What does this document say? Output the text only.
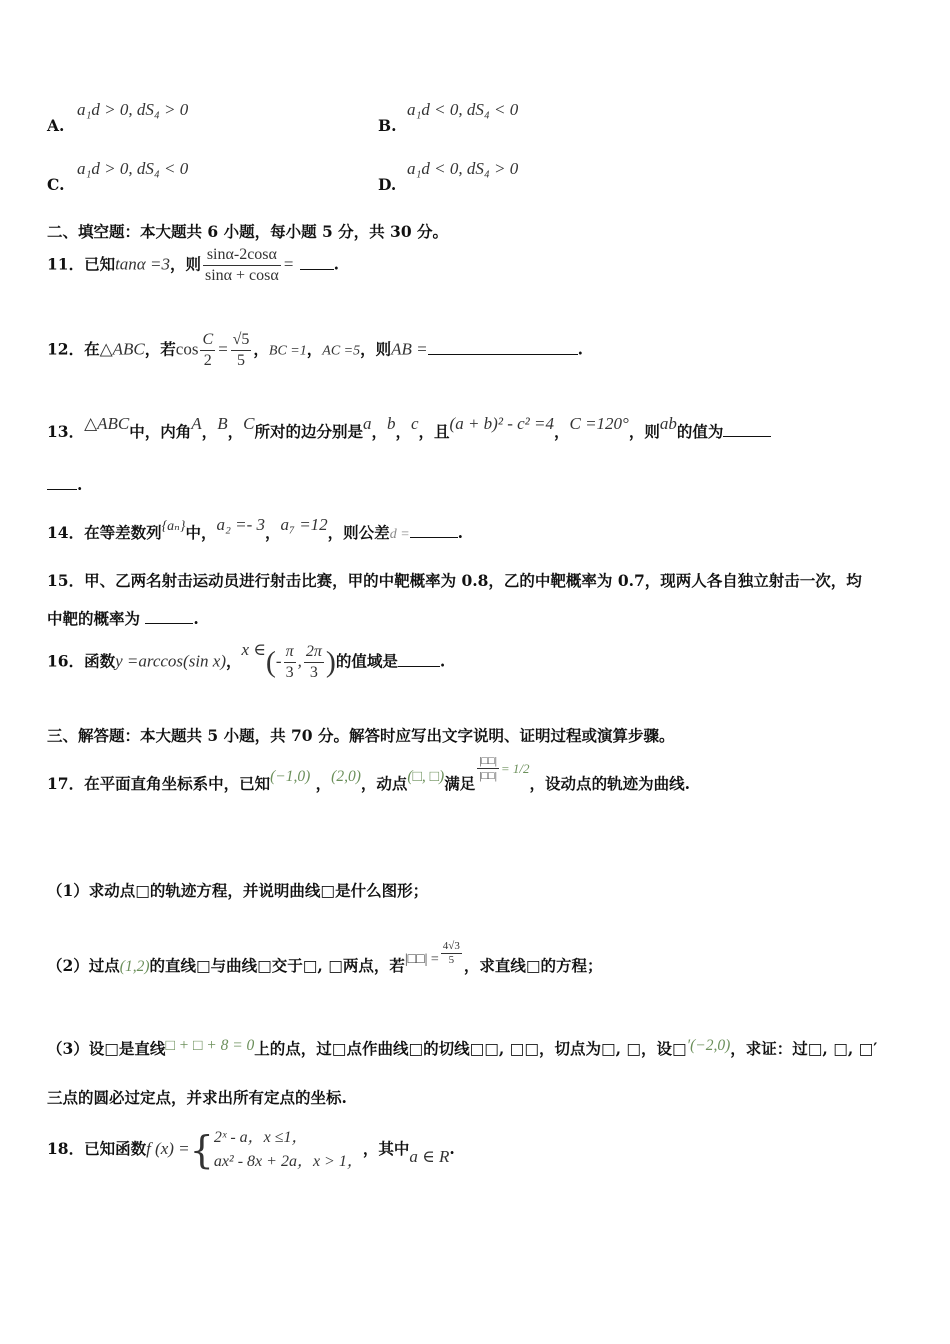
A.
a₁d > 0, dS₄ > 0
B.
a₁d < 0, dS₄ < 0
C.
a₁d > 0, dS₄ < 0
D.
a₁d < 0, dS₄ > 0
二、填空题：本大题共 6 小题，每小题 5 分，共 30 分。
11．已知tanα =3，则 $\frac{\sin\alpha-2\cos\alpha}{\sin\alpha + \cos\alpha}$ =	.
12．在△ABC，若$\cos \frac{C}{2} = \frac{√5}{5}$ ，BC =1，AC =5，则AB =	.
13．△ABC中，内角A，B，C所对的边分别是a，b，c，且(a + b)² - c² =4，C =120°，则ab的值为
.
14．在等差数列{aₙ}中，a₂ =- 3，a₇ =12，则公差d =	.
15．甲、乙两名射击运动员进行射击比赛，甲的中靶概率为 0.8，乙的中靶概率为 0.7，现两人各自独立射击一次，均
中靶的概率为	.
16．函数y =arccos(sin x)，x ∈(- $\frac{\pi}{3}$ , $\frac{2\pi}{3}$ )的值域是	.
三、解答题：本大题共 5 小题，共 70 分。解答时应写出文字说明、证明过程或演算步骤。
17．在平面直角坐标系中，已知(−1,0) ，(2,0)，动点(□, □)满足
$\frac{|□□|}{|□□|} ^{= 1/2}$，设动点的轨迹为曲线.
（1）求动点□的轨迹方程，并说明曲线□是什么图形；
（2）过点(1,2)的直线□与曲线□交于□, □两点，若|□□| = $\frac{4√3}{5}$ ，求直线□的方程；
（3）设□是直线□ + □ + 8 = 0上的点，过□点作曲线□的切线□□, □□，切点为□, □，设□′(−2,0)，求证：过□, □, □′
三点的圆必过定点，并求出所有定点的坐标.
18．已知函数f (x) ={ 2ˣ - a，x ≤1，
ax² - 8x + 2a，x > 1，
，其中a ∈ R.
